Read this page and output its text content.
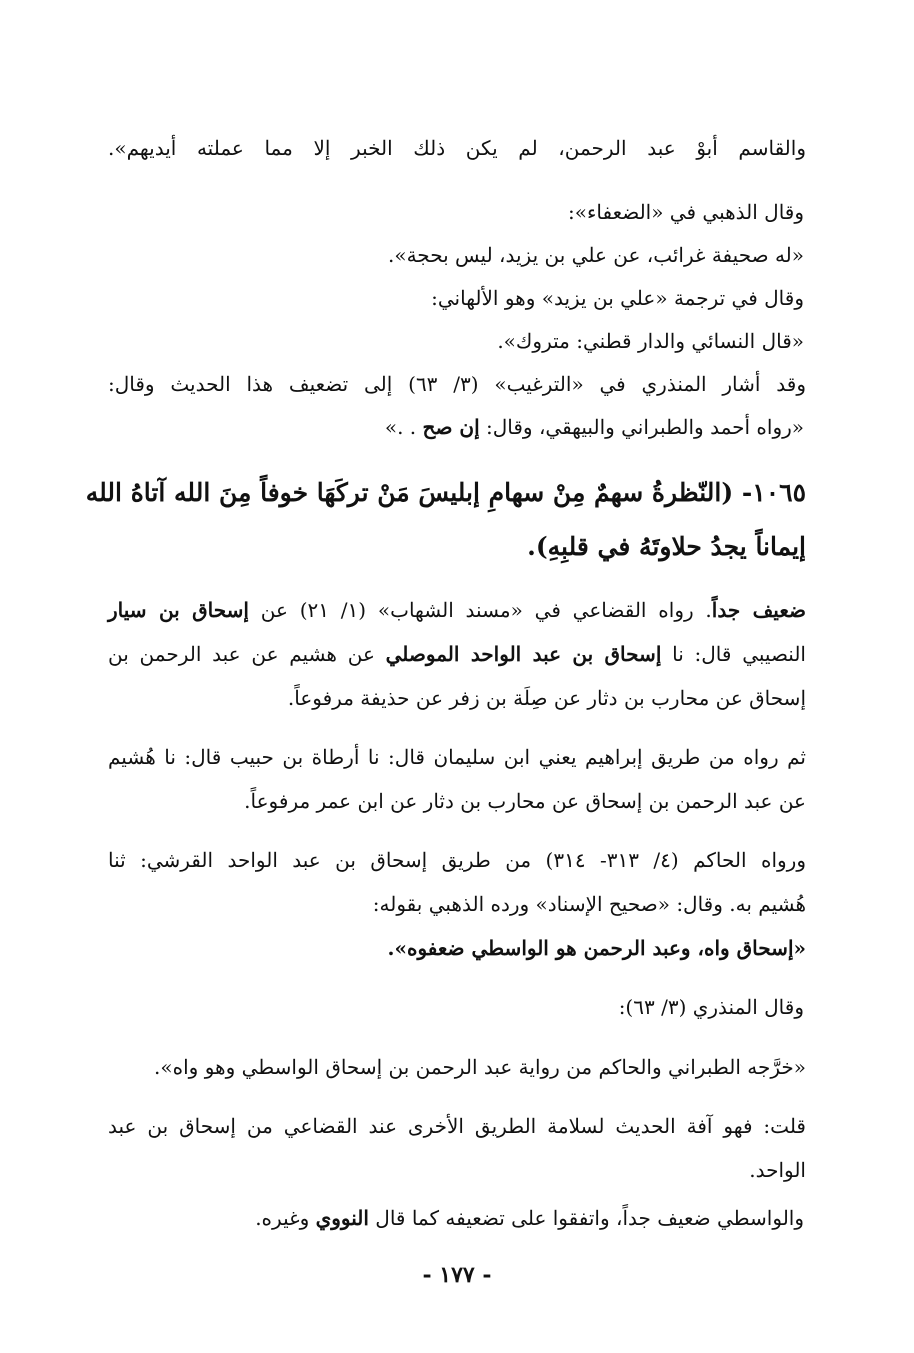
والقاسم أبوْ عبد الرحمن، لم يكن ذلك الخبر إلا مما عملته أيديهم».
وقال الذهبي في «الضعفاء»:
«له صحيفة غرائب، عن علي بن يزيد، ليس بحجة».
وقال في ترجمة «علي بن يزيد» وهو الألهاني:
«قال النسائي والدار قطني: متروك».
وقد أشار المنذري في «الترغيب» (٣/ ٦٣) إلى تضعيف هذا الحديث وقال:
«رواه أحمد والطبراني والبيهقي، وقال: إن صح . .»
١٠٦٥- (النّظرةُ سهمٌ مِنْ سهامِ إبليسَ مَنْ تركَهَا خوفاً مِنَ الله آتاهُ الله
إيماناً يجدُ حلاوتَهُ في قلبِهِ).
ضعيف جداً. رواه القضاعي في «مسند الشهاب» (١/ ٢١) عن إسحاق بن سيار
النصيبي قال: نا إسحاق بن عبد الواحد الموصلي عن هشيم عن عبد الرحمن بن
إسحاق عن محارب بن دثار عن صِلَة بن زفر عن حذيفة مرفوعاً.
ثم رواه من طريق إبراهيم يعني ابن سليمان قال: نا أرطاة بن حبيب قال: نا هُشيم
عن عبد الرحمن بن إسحاق عن محارب بن دثار عن ابن عمر مرفوعاً.
ورواه الحاكم (٤/ ٣١٣- ٣١٤) من طريق إسحاق بن عبد الواحد القرشي: ثنا
هُشيم به. وقال: «صحيح الإسناد» ورده الذهبي بقوله:
«إسحاق واه، وعبد الرحمن هو الواسطي ضعفوه».
وقال المنذري (٣/ ٦٣):
«خرَّجه الطبراني والحاكم من رواية عبد الرحمن بن إسحاق الواسطي وهو واه».
قلت: فهو آفة الحديث لسلامة الطريق الأخرى عند القضاعي من إسحاق بن عبد
الواحد.
والواسطي ضعيف جداً، واتفقوا على تضعيفه كما قال النووي وغيره.
- ١٧٧ -
